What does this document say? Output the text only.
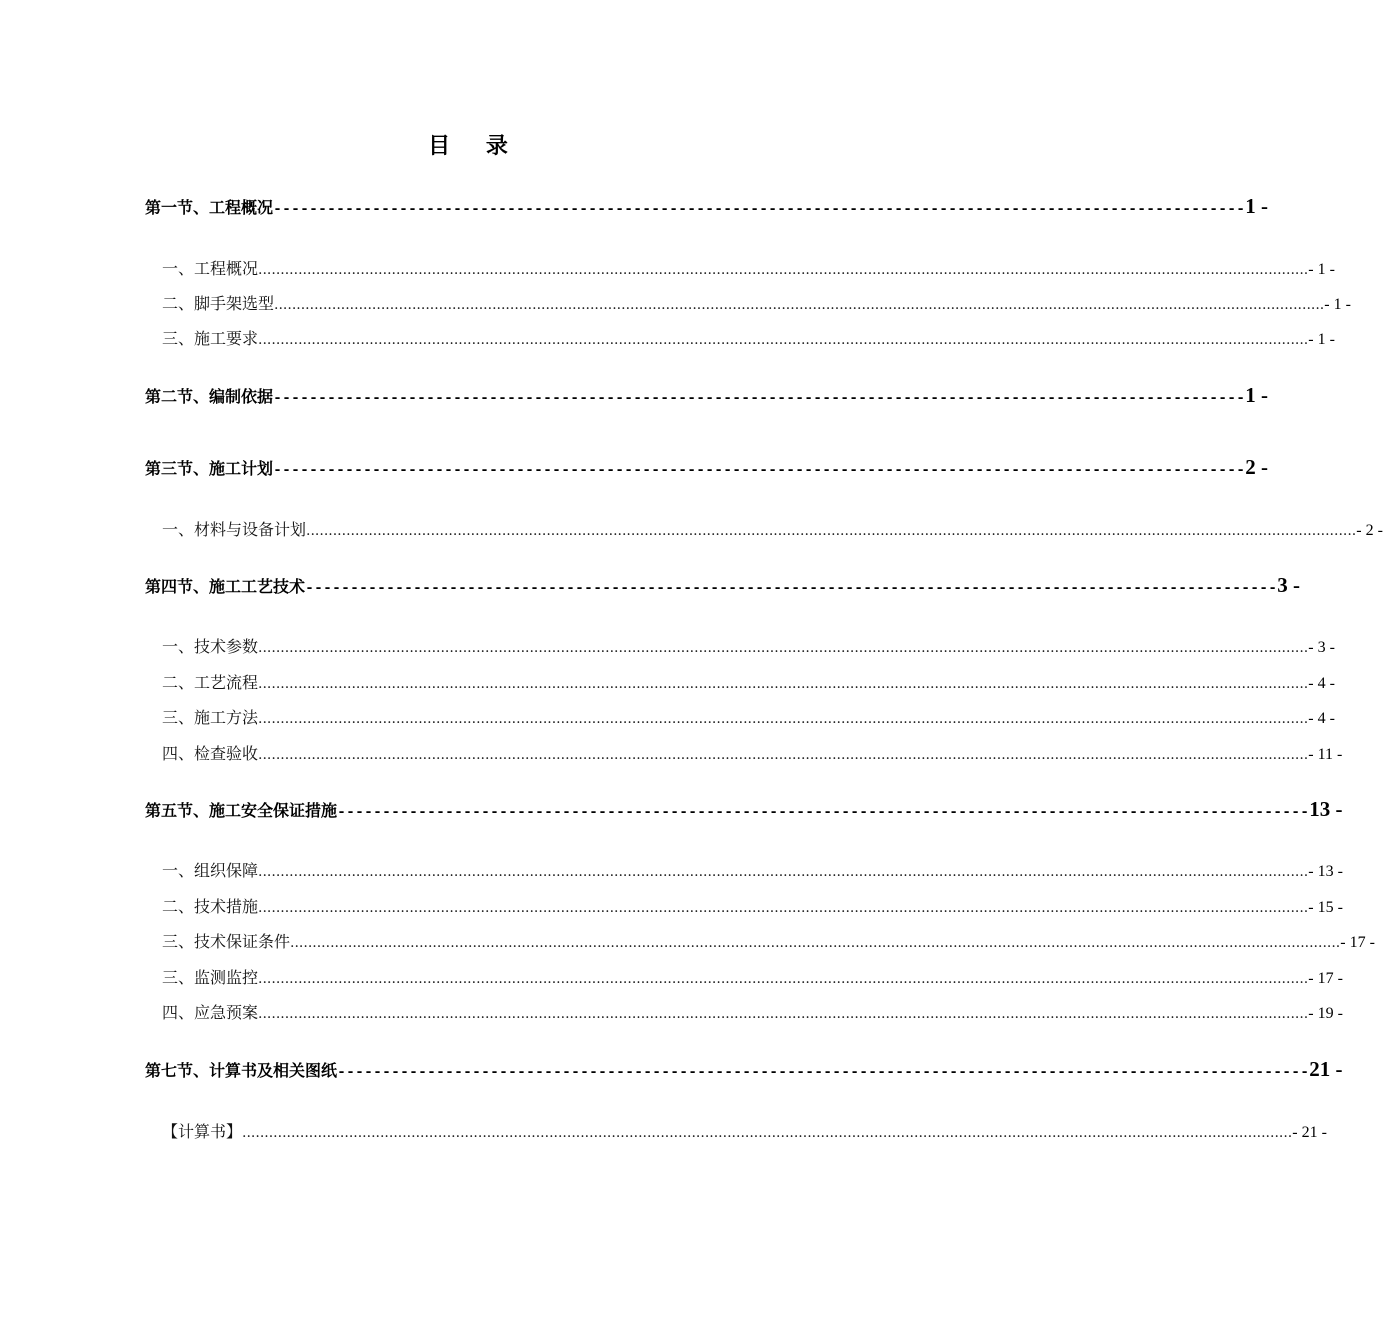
目 录
第一节、工程概况 ------------------------------------------------------------------------------------------------------------ 1 -
一、工程概况 ............................................................................................................................................................................................................................................ - 1 -
二、脚手架选型 ............................................................................................................................................................................................................................................ - 1 -
三、施工要求 ............................................................................................................................................................................................................................................ - 1 -
第二节、编制依据 ------------------------------------------------------------------------------------------------------------ 1 -
第三节、施工计划 ------------------------------------------------------------------------------------------------------------ 2 -
一、材料与设备计划 ............................................................................................................................................................................................................................................ - 2 -
第四节、施工工艺技术 ------------------------------------------------------------------------------------------------------------ 3 -
一、技术参数 ............................................................................................................................................................................................................................................ - 3 -
二、工艺流程 ............................................................................................................................................................................................................................................ - 4 -
三、施工方法 ............................................................................................................................................................................................................................................ - 4 -
四、检查验收 ............................................................................................................................................................................................................................................ - 11 -
第五节、施工安全保证措施 ------------------------------------------------------------------------------------------------------------ 13 -
一、组织保障 ............................................................................................................................................................................................................................................ - 13 -
二、技术措施 ............................................................................................................................................................................................................................................ - 15 -
三、技术保证条件 ............................................................................................................................................................................................................................................ - 17 -
三、监测监控 ............................................................................................................................................................................................................................................ - 17 -
四、应急预案 ............................................................................................................................................................................................................................................ - 19 -
第七节、计算书及相关图纸 ------------------------------------------------------------------------------------------------------------ 21 -
【计算书】 ............................................................................................................................................................................................................................................ - 21 -
